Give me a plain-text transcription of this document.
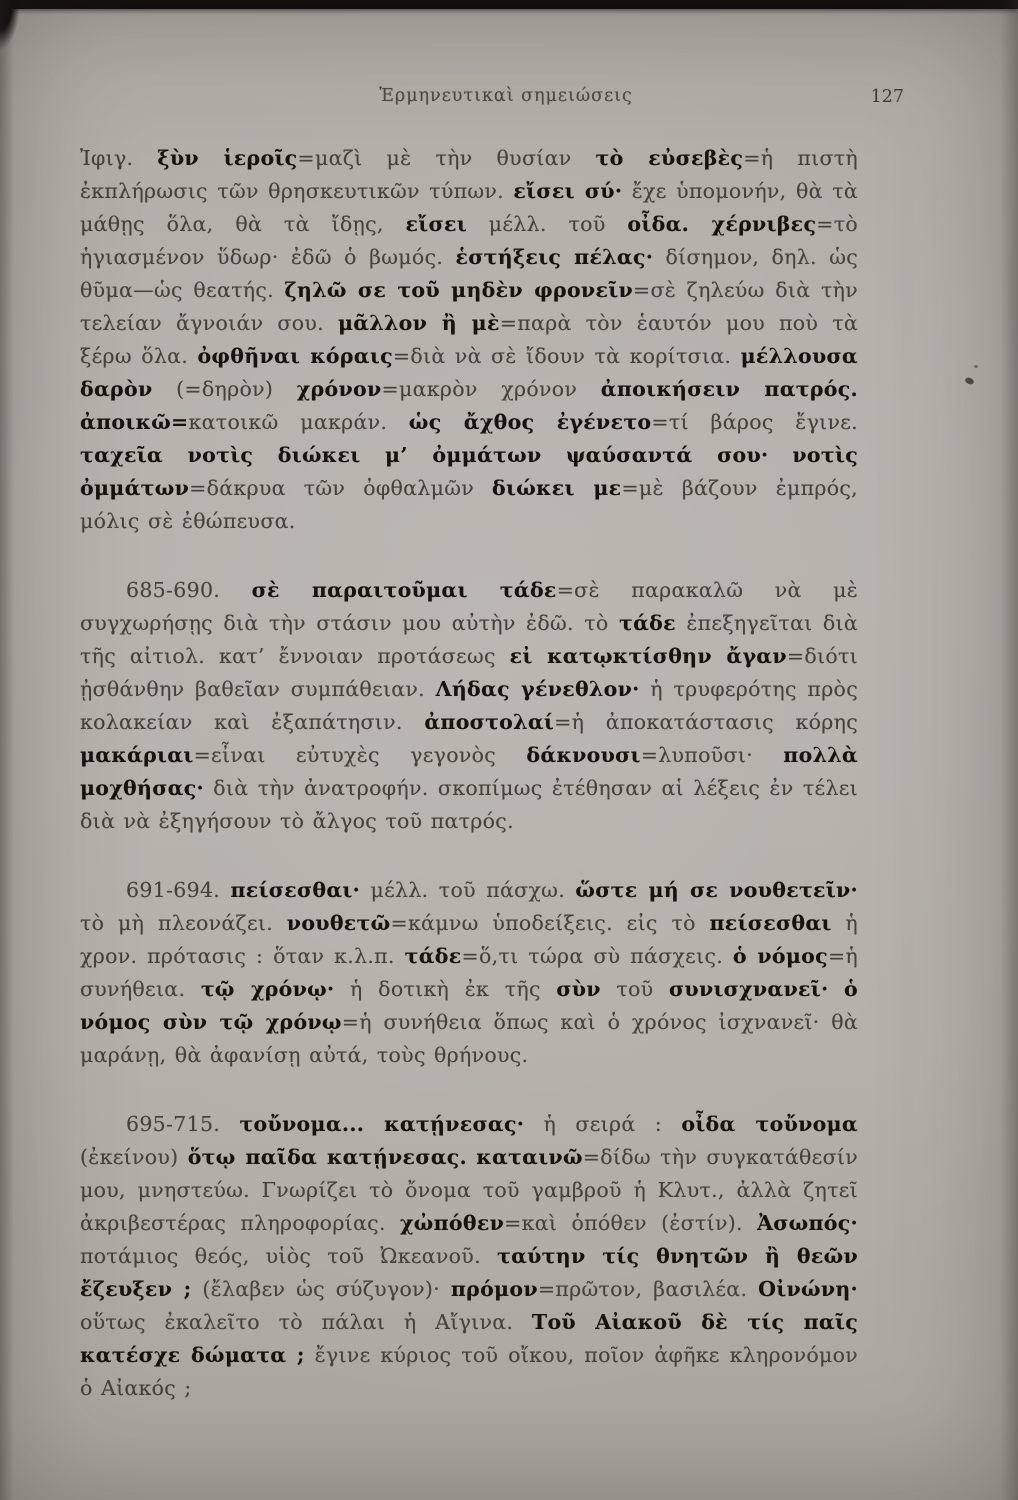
Ἑρμηνευτικαὶ σημειώσεις	127

Ἰφιγ. ξὺν ἱεροῖς=μαζὶ μὲ τὴν θυσίαν τὸ εὐσεβὲς=ἡ πιστὴ ἐκπλήρωσις τῶν θρησκευτικῶν τύπων. εἴσει σύ· ἔχε ὑπομονήν, θὰ τὰ μάθῃς ὅλα, θὰ τὰ ἴδῃς, εἴσει μέλλ. τοῦ οἶδα. χέρνιβες=τὸ ἡγιασμένον ὕδωρ· ἐδῶ ὁ βωμός. ἑστήξεις πέλας· δίσημον, δηλ. ὡς θῦμα—ὡς θεατής. ζηλῶ σε τοῦ μηδὲν φρονεῖν=σὲ ζηλεύω διὰ τὴν τελείαν ἄγνοιάν σου. μᾶλλον ἢ μὲ=παρὰ τὸν ἑαυτόν μου ποὺ τὰ ξέρω ὅλα. ὀφθῆναι κόραις=διὰ νὰ σὲ ἴδουν τὰ κορίτσια. μέλλουσα δαρὸν (=δηρὸν) χρόνον=μακρὸν χρόνον ἀποικήσειν πατρός. ἀποικῶ=κατοικῶ μακράν. ὡς ἄχθος ἐγένετο=τί βάρος ἔγινε. ταχεῖα νοτὶς διώκει μ’ ὀμμάτων ψαύσαντά σου· νοτὶς ὀμμάτων=δάκρυα τῶν ὀφθαλμῶν διώκει με=μὲ βάζουν ἐμπρός, μόλις σὲ ἐθώπευσα.

685-690. σὲ παραιτοῦμαι τάδε=σὲ παρακαλῶ νὰ μὲ συγχωρήσῃς διὰ τὴν στάσιν μου αὐτὴν ἐδῶ. τὸ τάδε ἐπεξηγεῖται διὰ τῆς αἰτιολ. κατ’ ἔννοιαν προτάσεως εἰ κατῳκτίσθην ἄγαν=διότι ᾐσθάνθην βαθεῖαν συμπάθειαν. Λήδας γένεθλον· ἡ τρυφερότης πρὸς κολακείαν καὶ ἐξαπάτησιν. ἀποστολαί=ἡ ἀποκατάστασις κόρης μακάριαι=εἶναι εὐτυχὲς γεγονὸς δάκνουσι=λυποῦσι· πολλὰ μοχθήσας· διὰ τὴν ἀνατροφήν. σκοπίμως ἐτέθησαν αἱ λέξεις ἐν τέλει διὰ νὰ ἐξηγήσουν τὸ ἄλγος τοῦ πατρός.

691-694. πείσεσθαι· μέλλ. τοῦ πάσχω. ὥστε μή σε νουθετεῖν· τὸ μὴ πλεονάζει. νουθετῶ=κάμνω ὑποδείξεις. εἰς τὸ πείσεσθαι ἡ χρον. πρότασις : ὅταν κ.λ.π. τάδε=ὅ,τι τώρα σὺ πάσχεις. ὁ νόμος=ἡ συνήθεια. τῷ χρόνῳ· ἡ δοτικὴ ἐκ τῆς σὺν τοῦ συνισχνανεῖ· ὁ νόμος σὺν τῷ χρόνῳ=ἡ συνήθεια ὅπως καὶ ὁ χρόνος ἰσχνανεῖ· θὰ μαράνῃ, θὰ ἀφανίσῃ αὐτά, τοὺς θρήνους.

695-715. τοὔνομα... κατῄνεσας· ἡ σειρά : οἶδα τοὔνομα (ἐκείνου) ὅτῳ παῖδα κατῄνεσας. καταινῶ=δίδω τὴν συγκατάθεσίν μου, μνηστεύω. Γνωρίζει τὸ ὄνομα τοῦ γαμβροῦ ἡ Κλυτ., ἀλλὰ ζητεῖ ἀκριβεστέρας πληροφορίας. χὠπόθεν=καὶ ὁπόθεν (ἐστίν). Ἀσωπός· ποτάμιος θεός, υἱὸς τοῦ Ὠκεανοῦ. ταύτην τίς θνητῶν ἢ θεῶν ἔζευξεν ; (ἔλαβεν ὡς σύζυγον)· πρόμον=πρῶτον, βασιλέα. Οἰνώνη· οὕτως ἐκαλεῖτο τὸ πάλαι ἡ Αἴγινα. Τοῦ Αἰακοῦ δὲ τίς παῖς κατέσχε δώματα ; ἔγινε κύριος τοῦ οἴκου, ποῖον ἀφῆκε κληρονόμον ὁ Αἰακός ;
